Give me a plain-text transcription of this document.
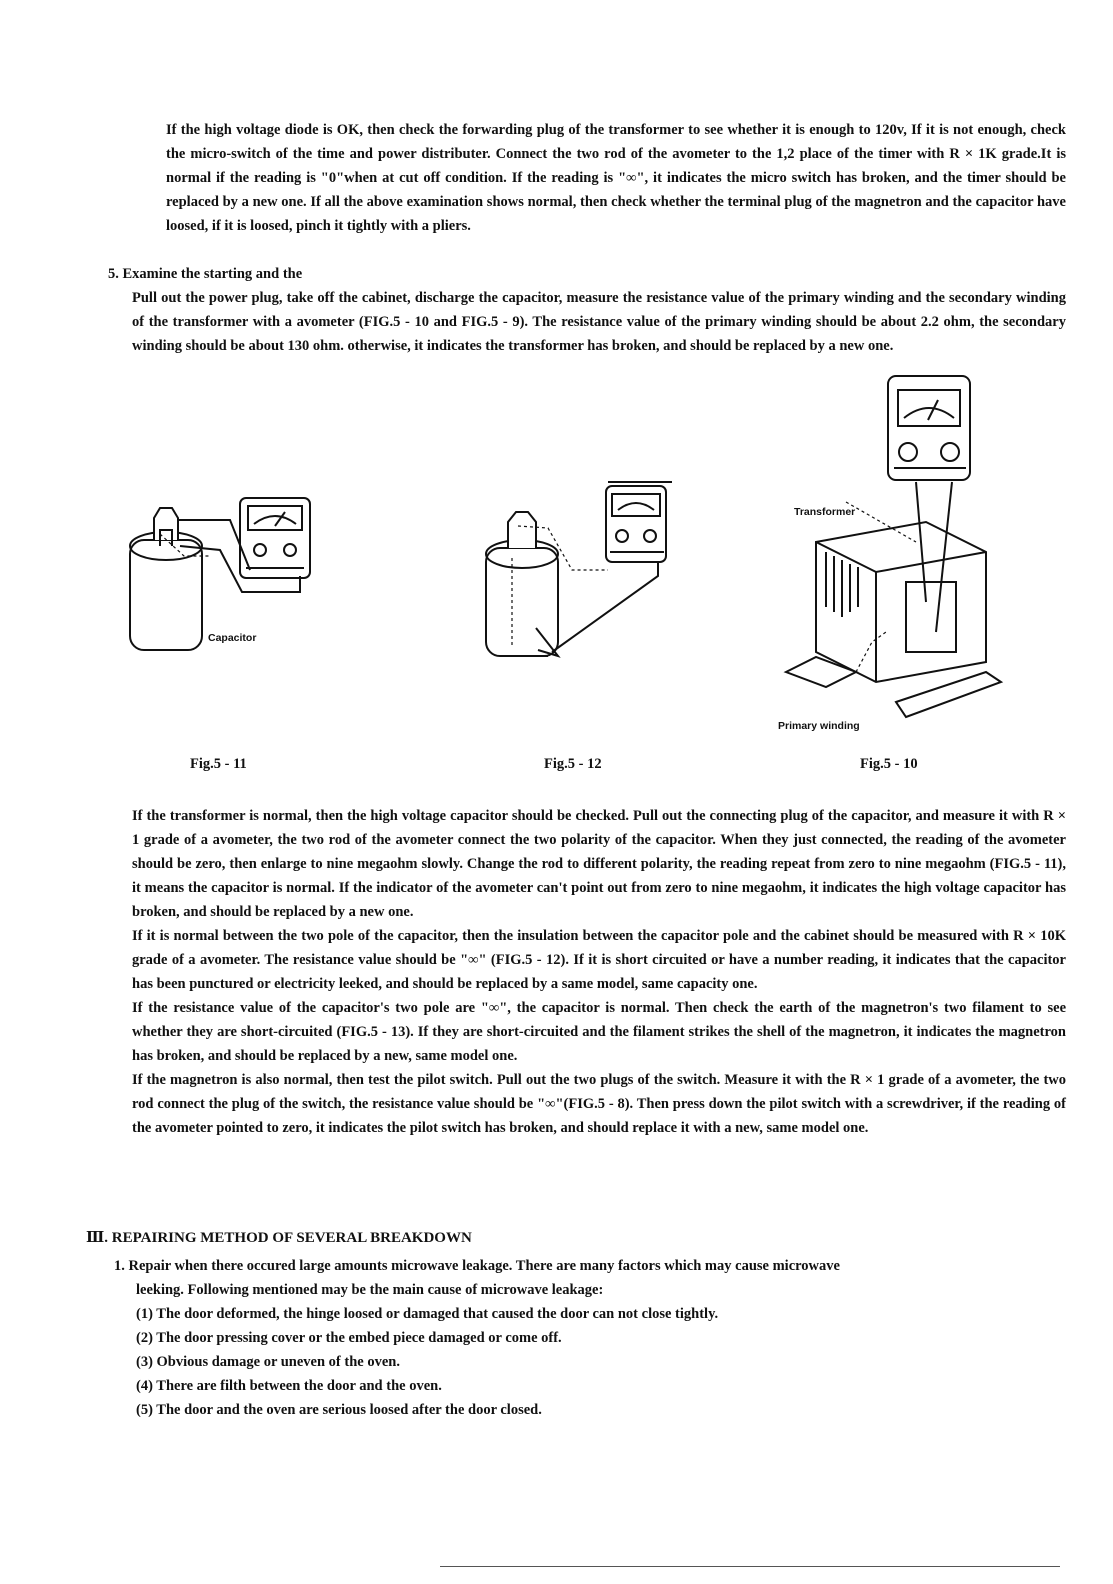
If the high voltage diode is OK, then check the forwarding plug of the transformer to see whether it is enough to 120v, If it is not enough, check the micro-switch of the time and power distributer. Connect the two rod of the avometer to the 1,2 place of the timer with R × 1K grade.It is normal if the reading is "0"when at cut off condition. If the reading is "∞", it indicates the micro switch has broken, and the timer should be replaced by a new one. If all the above examination shows normal, then check whether the terminal plug of the magnetron and the capacitor have loosed, if it is loosed, pinch it tightly with a pliers.

5. Examine the starting and the

Pull out the power plug, take off the cabinet, discharge the capacitor, measure the resistance value of the primary winding and the secondary winding of the transformer with a avometer (FIG.5 - 10 and FIG.5 - 9). The resistance value of the primary winding should be about 2.2 ohm, the secondary winding should be about 130 ohm. otherwise, it indicates the transformer has broken, and should be replaced by a new one.

Capacitor
Fig.5 - 11	Fig.5 - 12
Transformer
Primary winding
Fig.5 - 10
If the transformer is normal, then the high voltage capacitor should be checked. Pull out the connecting plug of the capacitor, and measure it with R × 1 grade of a avometer, the two rod of the avometer connect the two polarity of the capacitor. When they just connected, the reading of the avometer should be zero, then enlarge to nine megaohm slowly. Change the rod to different polarity, the reading repeat from zero to nine megaohm (FIG.5 - 11), it means the capacitor is normal. If the indicator of the avometer can't point out from zero to nine megaohm, it indicates the high voltage capacitor has broken, and should be replaced by a new one.
If it is normal between the two pole of the capacitor, then the insulation between the capacitor pole and the cabinet should be measured with R × 10K grade of a avometer. The resistance value should be "∞" (FIG.5 - 12). If it is short circuited or have a number reading, it indicates that the capacitor has been punctured or electricity leeked, and should be replaced by a same model, same capacity one.
If the resistance value of the capacitor's two pole are "∞", the capacitor is normal. Then check the earth of the magnetron's two filament to see whether they are short-circuited (FIG.5 - 13). If they are short-circuited and the filament strikes the shell of the magnetron, it indicates the magnetron has broken, and should be replaced by a new, same model one.
If the magnetron is also normal, then test the pilot switch. Pull out the two plugs of the switch. Measure it with the R × 1 grade of a avometer, the two rod connect the plug of the switch, the resistance value should be "∞"(FIG.5 - 8). Then press down the pilot switch with a screwdriver, if the reading of the avometer pointed to zero, it indicates the pilot switch has broken, and should replace it with a new, same model one.
Ⅲ. REPAIRING METHOD OF SEVERAL BREAKDOWN
1. Repair when there occured large amounts microwave leakage. There are many factors which may cause microwave
leeking. Following mentioned may be the main cause of microwave leakage:
(1) The door deformed, the hinge loosed or damaged that caused the door can not close tightly.
(2) The door pressing cover or the embed piece damaged or come off.
(3) Obvious damage or uneven of the oven.
(4) There are filth between the door and the oven.
(5) The door and the oven are serious loosed after the door closed.
